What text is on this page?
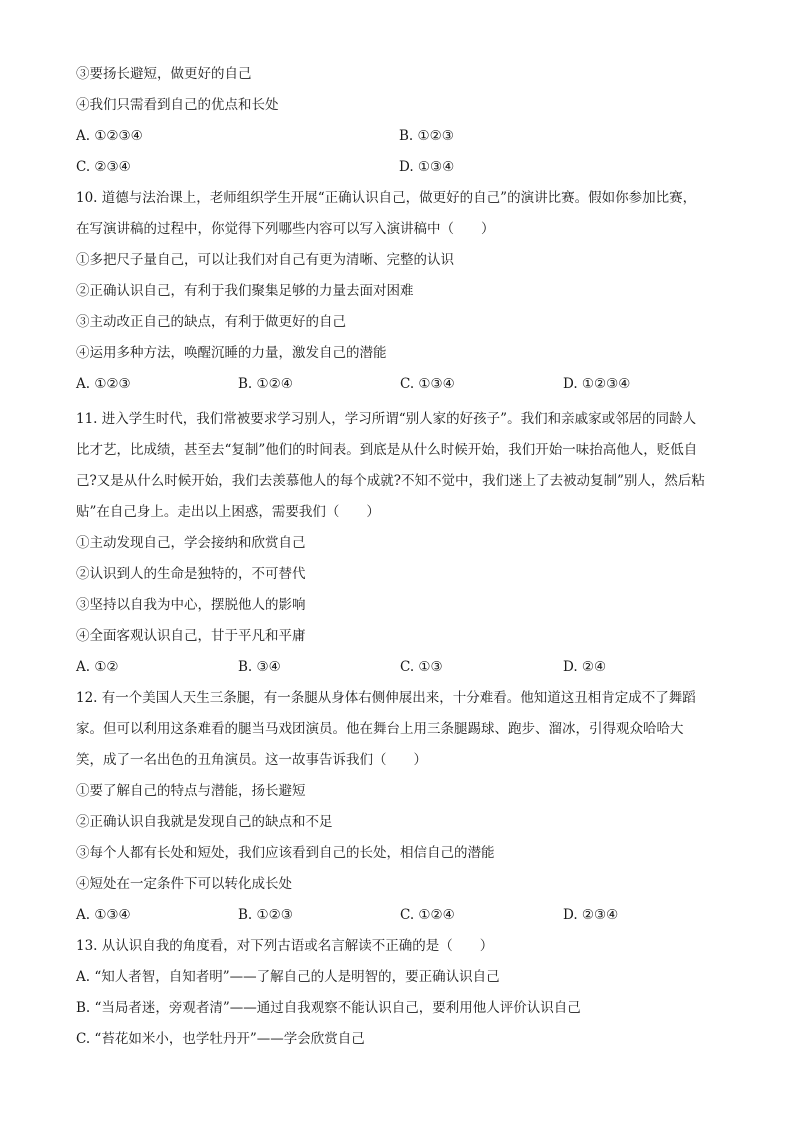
③要扬长避短，做更好的自己
④我们只需看到自己的优点和长处
A. ①②③④	B. ①②③
C. ②③④	D. ①③④
10. 道德与法治课上，老师组织学生开展“正确认识自己，做更好的自己”的演讲比赛。假如你参加比赛，
在写演讲稿的过程中，你觉得下列哪些内容可以写入演讲稿中（　　）
①多把尺子量自己，可以让我们对自己有更为清晰、完整的认识
②正确认识自己，有利于我们聚集足够的力量去面对困难
③主动改正自己的缺点，有利于做更好的自己
④运用多种方法，唤醒沉睡的力量，激发自己的潜能
A. ①②③	B. ①②④	C. ①③④	D. ①②③④
11. 进入学生时代，我们常被要求学习别人，学习所谓“别人家的好孩子”。我们和亲戚家或邻居的同龄人
比才艺，比成绩，甚至去“复制”他们的时间表。到底是从什么时候开始，我们开始一味抬高他人，贬低自
己?又是从什么时候开始，我们去羡慕他人的每个成就?不知不觉中，我们迷上了去被动复制”别人，然后粘
贴”在自己身上。走出以上困惑，需要我们（　　）
①主动发现自己，学会接纳和欣赏自己
②认识到人的生命是独特的，不可替代
③坚持以自我为中心，摆脱他人的影响
④全面客观认识自己，甘于平凡和平庸
A. ①②	B. ③④	C. ①③	D. ②④
12. 有一个美国人天生三条腿，有一条腿从身体右侧伸展出来，十分难看。他知道这丑相肯定成不了舞蹈
家。但可以利用这条难看的腿当马戏团演员。他在舞台上用三条腿踢球、跑步、溜冰，引得观众哈哈大
笑，成了一名出色的丑角演员。这一故事告诉我们（　　）
①要了解自己的特点与潜能，扬长避短
②正确认识自我就是发现自己的缺点和不足
③每个人都有长处和短处，我们应该看到自己的长处，相信自己的潜能
④短处在一定条件下可以转化成长处
A. ①③④	B. ①②③	C. ①②④	D. ②③④
13. 从认识自我的角度看，对下列古语或名言解读不正确的是（　　）
A. “知人者智，自知者明”——了解自己的人是明智的，要正确认识自己
B. “当局者迷，旁观者清”——通过自我观察不能认识自己，要利用他人评价认识自己
C. “苔花如米小，也学牡丹开”——学会欣赏自己
